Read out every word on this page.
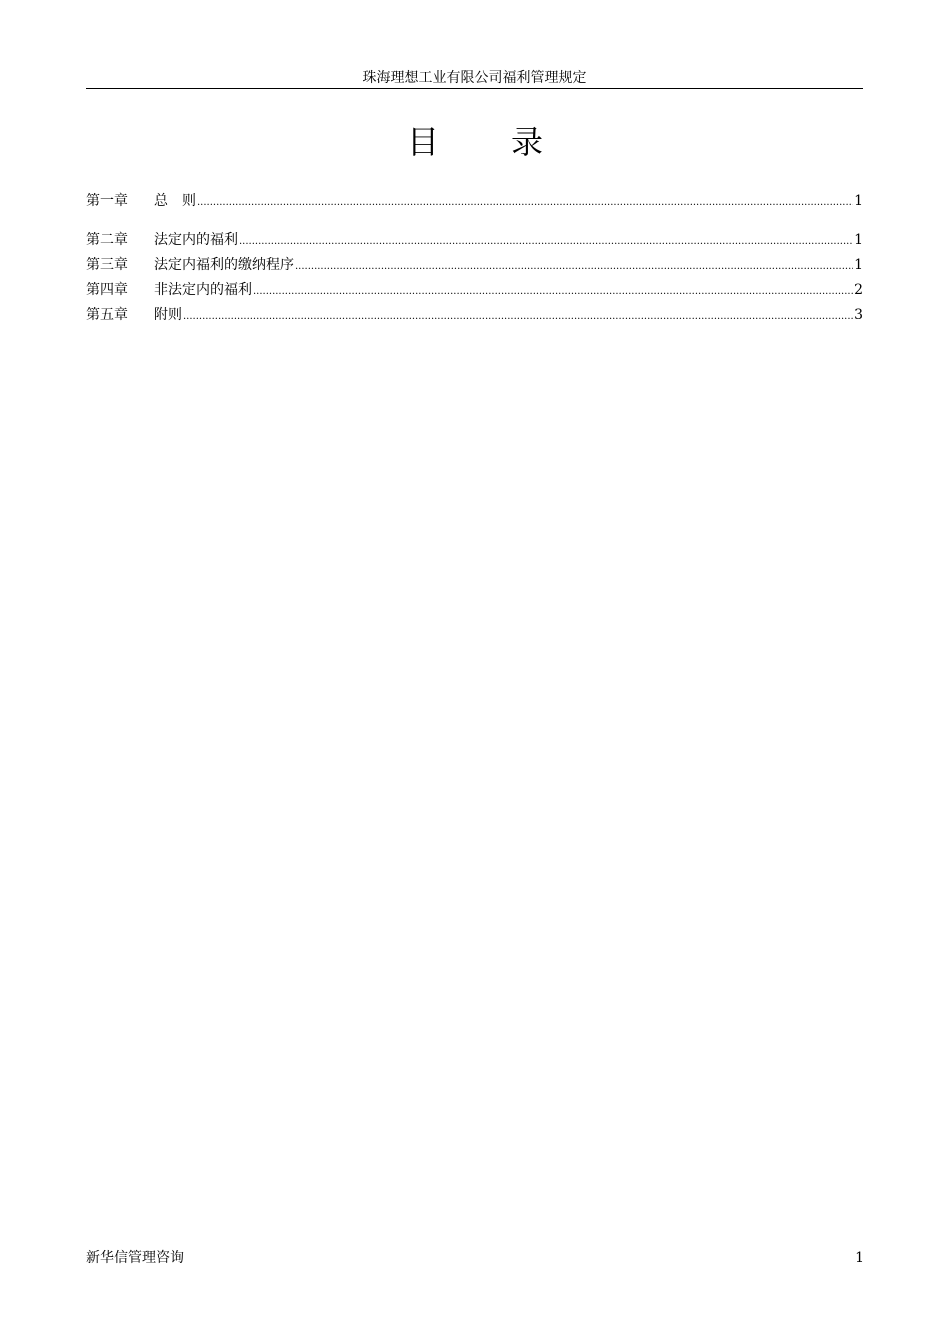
珠海理想工业有限公司福利管理规定
目 录
第一章	总　则 .....	1
第二章	法定内的福利 .....	1
第三章	法定内福利的缴纳程序 .....	1
第四章	非法定内的福利 .....	2
第五章	附则 .....	3
新华信管理咨询	1
